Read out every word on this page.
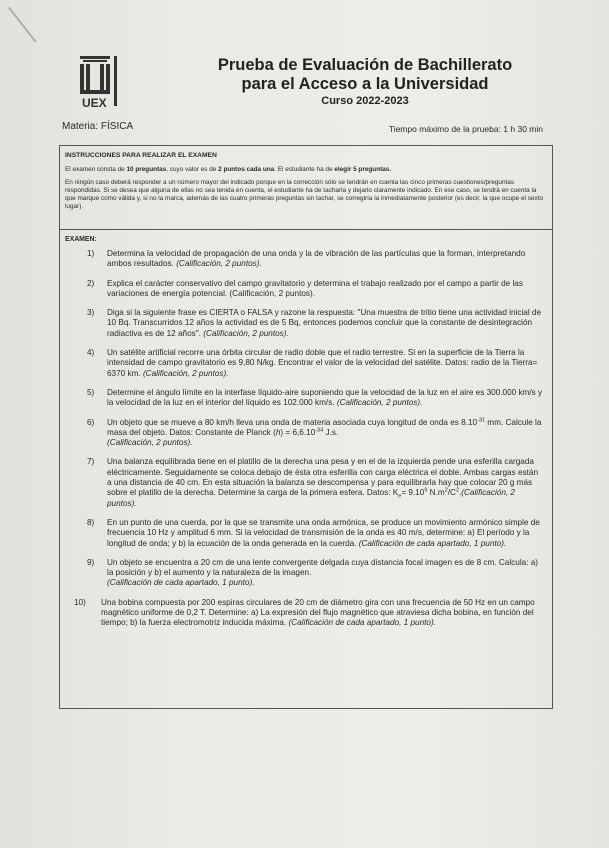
UEX
Prueba de Evaluación de Bachillerato
para el Acceso a la Universidad
Curso 2022-2023
Materia: FÍSICA	Tiempo máximo de la prueba: 1 h 30 min
INSTRUCCIONES PARA REALIZAR EL EXAMEN

El examen consta de 10 preguntas, cuyo valor es de 2 puntos cada una. El estudiante ha de elegir 5 preguntas.

En ningún caso deberá responder a un número mayor del indicado porque en la corrección sólo se tendrán en cuenta las cinco primeras cuestiones/preguntas respondidas. Si se desea que alguna de ellas no sea tenida en cuenta, el estudiante ha de tacharla y dejarlo claramente indicado. En ese caso, se tendrá en cuenta la que marque como válida y, si no la marca, además de las cuatro primeras preguntas sin tachar, se corregiría la inmediatamente posterior (es decir, la que ocupe el sexto lugar).

EXAMEN:
1) Determina la velocidad de propagación de una onda y la de vibración de las partículas que la forman, interpretando ambos resultados. (Calificación, 2 puntos).
2) Explica el carácter conservativo del campo gravitatorio y determina el trabajo realizado por el campo a partir de las variaciones de energía potencial. (Calificación, 2 puntos).
3) Diga si la siguiente frase es CIERTA o FALSA y razone la respuesta: "Una muestra de tritio tiene una actividad inicial de 10 Bq. Transcurridos 12 años la actividad es de 5 Bq, entonces podemos concluir que la constante de desintegración radiactiva es de 12 años". (Calificación, 2 puntos).
4) Un satélite artificial recorre una órbita circular de radio doble que el radio terrestre. Si en la superficie de la Tierra la intensidad de campo gravitatorio es 9,80 N/kg. Encontrar el valor de la velocidad del satélite. Datos: radio de la Tierra= 6370 km. (Calificación, 2 puntos).
5) Determine el ángulo límite en la interfase líquido-aire suponiendo que la velocidad de la luz en el aire es 300.000 km/s y la velocidad de la luz en el interior del líquido es 102.000 km/s. (Calificación, 2 puntos).
6) Un objeto que se mueve a 80 km/h lleva una onda de materia asociada cuya longitud de onda es $8.10^{-31}$ mm. Calcule la masa del objeto. Datos: Constante de Planck $(h) = 6,6.10^{-34}$ J.s.
(Calificación, 2 puntos).
7) Una balanza equilibrada tiene en el platillo de la derecha una pesa y en el de la izquierda pende una esferilla cargada eléctricamente. Seguidamente se coloca debajo de ésta otra esferilla con carga eléctrica el doble. Ambas cargas están a una distancia de 40 cm. En esta situación la balanza se descompensa y para equilibrarla hay que colocar 20 g más sobre el platillo de la derecha. Determine la carga de la primera esfera. Datos: $K_e= 9.10^9$ $N.m^2/C^2.(Calificación$, 2 puntos).
8) En un punto de una cuerda, por la que se transmite una onda armónica, se produce un movimiento armónico simple de frecuencia 10 Hz y amplitud 6 mm. Si la velocidad de transmisión de la onda es 40 m/s, determine: a) El período y la longitud de onda; y b) la ecuación de la onda generada en la cuerda. (Calificación de cada apartado, 1 punto).
9) Un objeto se encuentra a 20 cm de una lente convergente delgada cuya distancia focal imagen es de 8 cm. Calcula: a) la posición y b) el aumento y la naturaleza de la imagen.
(Calificación de cada apartado, 1 punto).
10) Una bobina compuesta por 200 espiras circulares de 20 cm de diámetro gira con una frecuencia de 50 Hz en un campo magnético uniforme de 0,2 T. Determine: a) La expresión del flujo magnético que atraviesa dicha bobina, en función del tiempo; b) la fuerza electromotriz inducida máxima. (Calificación de cada apartado, 1 punto).
